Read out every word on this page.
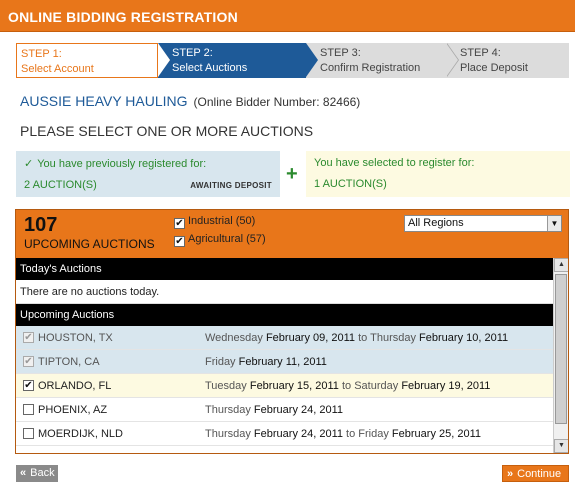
ONLINE BIDDING REGISTRATION
STEP 1:
Select Account
STEP 2:
Select Auctions
STEP 3:
Confirm Registration
STEP 4:
Place Deposit
AUSSIE HEAVY HAULING (Online Bidder Number: 82466)
PLEASE SELECT ONE OR MORE AUCTIONS
✓ You have previously registered for:
2 AUCTION(S)	AWAITING DEPOSIT
+	You have selected to register for:
1 AUCTION(S)
107
UPCOMING AUCTIONS
✔ Industrial (50)
✔ Agricultural (57)
All Regions	▼
Today's Auctions
There are no auctions today.
Upcoming Auctions
✔ HOUSTON, TX	Wednesday February 09, 2011 to Thursday February 10, 2011
✔ TIPTON, CA	Friday February 11, 2011
✔ ORLANDO, FL	Tuesday February 15, 2011 to Saturday February 19, 2011
PHOENIX, AZ	Thursday February 24, 2011
MOERDIJK, NLD	Thursday February 24, 2011 to Friday February 25, 2011
▲
▼
« Back	» Continue
